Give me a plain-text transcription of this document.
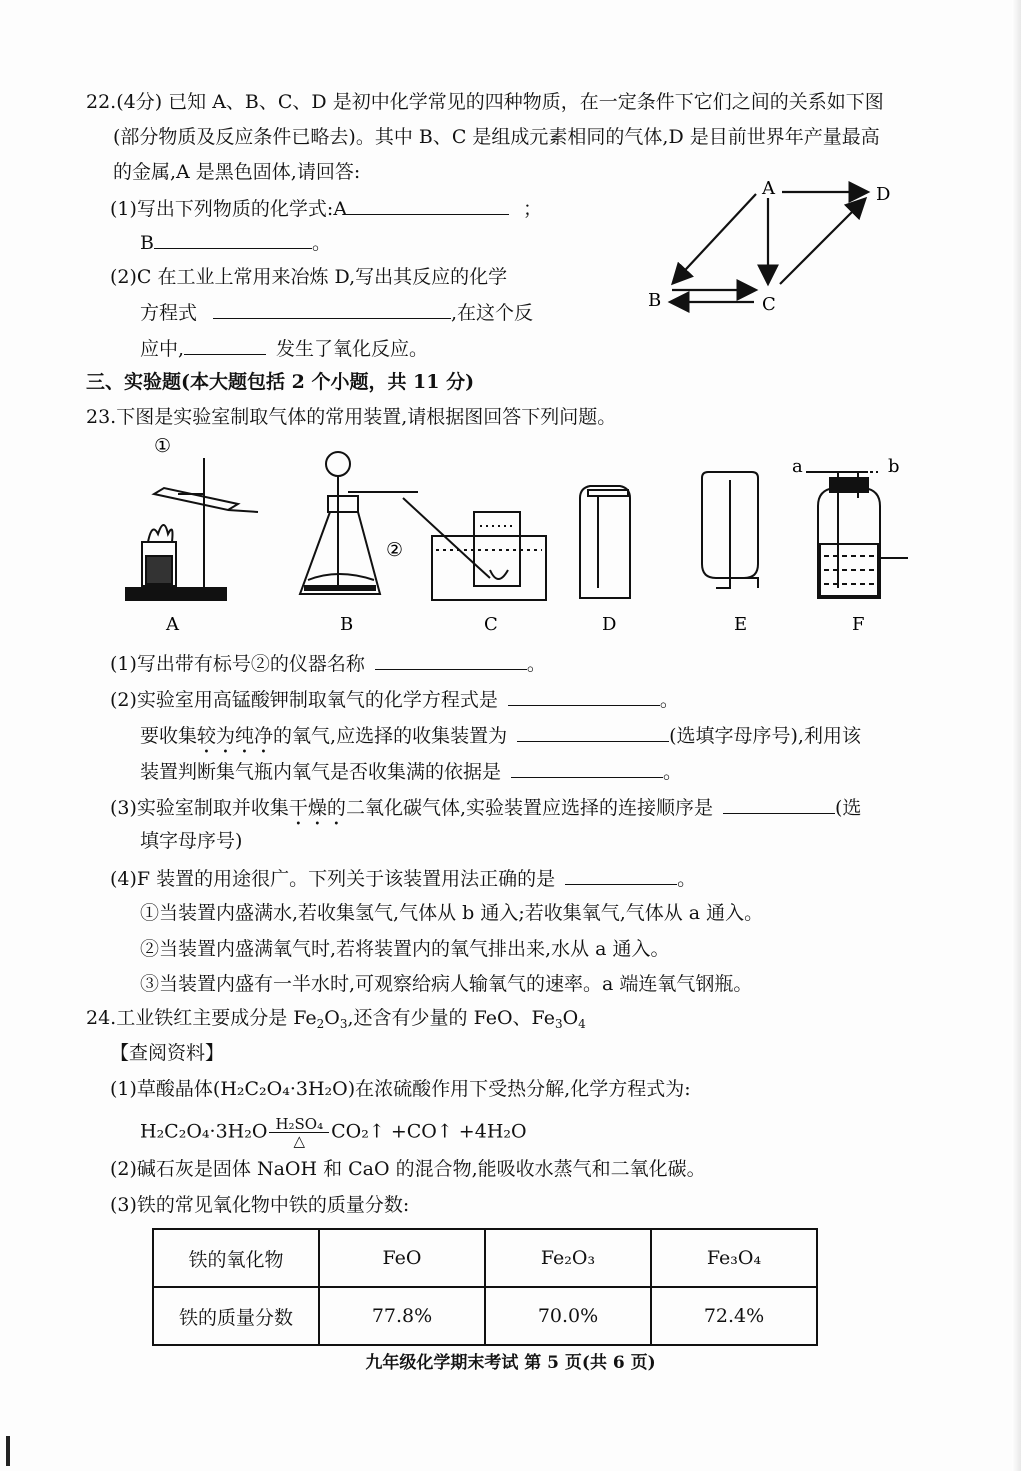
22.(4分) 已知 A、B、C、D 是初中化学常见的四种物质，在一定条件下它们之间的关系如下图
(部分物质及反应条件已略去)。其中 B、C 是组成元素相同的气体,D 是目前世界年产量最高
的金属,A 是黑色固体,请回答:
(1)写出下列物质的化学式:A	；
B	。
(2)C 在工业上常用来冶炼 D,写出其反应的化学
方程式	,在这个反
应中,	发生了氧化反应。
A	D
B	C
三、实验题(本大题包括 2 个小题，共 11 分)
23.下图是实验室制取气体的常用装置,请根据图回答下列问题。
①
②
a	b
A	B	C	D	E	F
(1)写出带有标号②的仪器名称	。
(2)实验室用高锰酸钾制取氧气的化学方程式是	。
要收集较为纯净的氧气,应选择的收集装置为	(选填字母序号),利用该
装置判断集气瓶内氧气是否收集满的依据是	。
(3)实验室制取并收集干燥的二氧化碳气体,实验装置应选择的连接顺序是	(选
填字母序号)
(4)F 装置的用途很广。下列关于该装置用法正确的是	。
①当装置内盛满水,若收集氢气,气体从 b 通入;若收集氧气,气体从 a 通入。
②当装置内盛满氧气时,若将装置内的氧气排出来,水从 a 通入。
③当装置内盛有一半水时,可观察给病人输氧气的速率。a 端连氧气钢瓶。
24.工业铁红主要成分是 $Fe_2O_3$,还含有少量的 FeO、$Fe_3O_4$
【查阅资料】
(1)草酸晶体(H₂C₂O₄·3H₂O)在浓硫酸作用下受热分解,化学方程式为:
$H_2C_2O_4\cdot 3H_2O \frac{\text{H₂SO₄}}{\triangle}$ CO₂↑ +CO↑ +4H₂O
(2)碱石灰是固体 NaOH 和 CaO 的混合物,能吸收水蒸气和二氧化碳。
(3)铁的常见氧化物中铁的质量分数:
铁的氧化物	FeO	Fe₂O₃	Fe₃O₄
铁的质量分数	77.8%	70.0%	72.4%
九年级化学期末考试 第 5 页(共 6 页)
